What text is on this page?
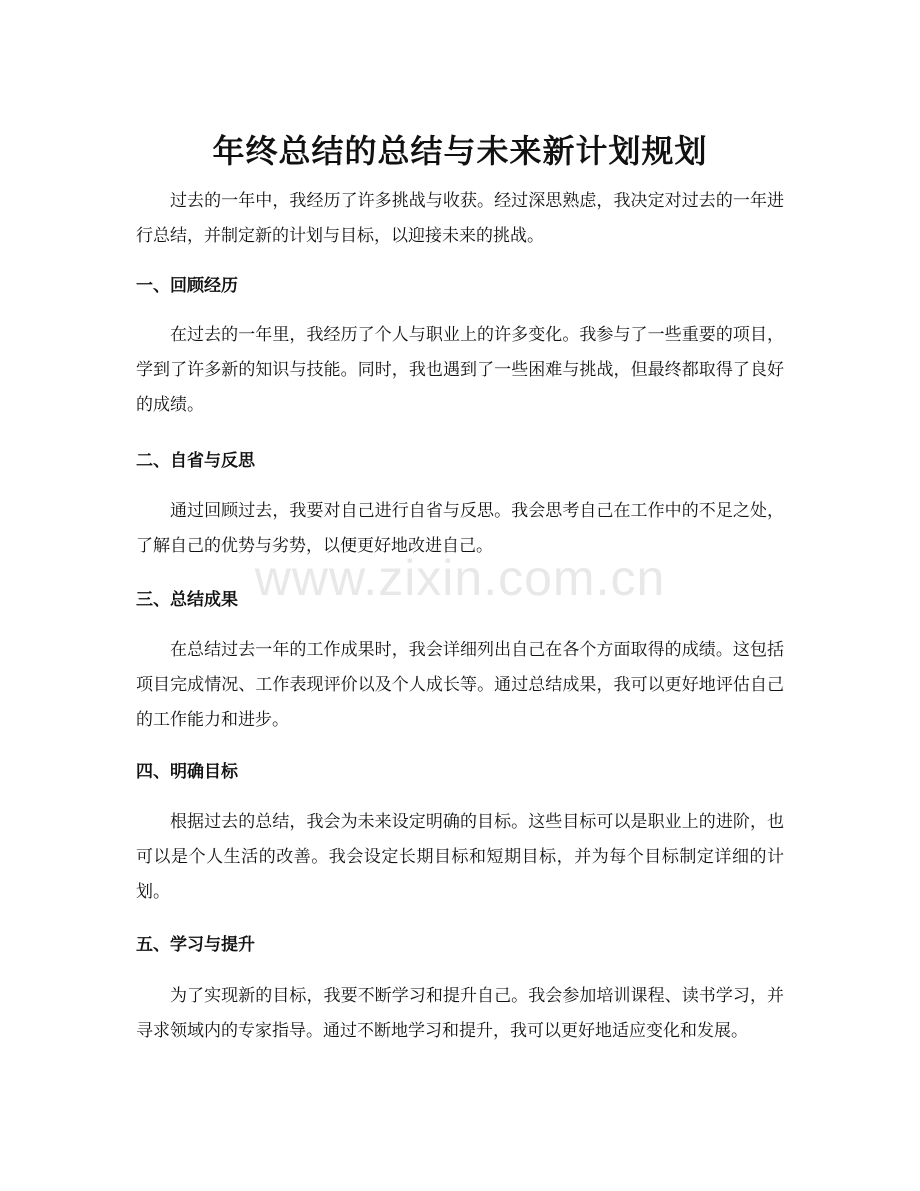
年终总结的总结与未来新计划规划

过去的一年中，我经历了许多挑战与收获。经过深思熟虑，我决定对过去的一年进行总结，并制定新的计划与目标，以迎接未来的挑战。

一、回顾经历

在过去的一年里，我经历了个人与职业上的许多变化。我参与了一些重要的项目，学到了许多新的知识与技能。同时，我也遇到了一些困难与挑战，但最终都取得了良好的成绩。

二、自省与反思

通过回顾过去，我要对自己进行自省与反思。我会思考自己在工作中的不足之处，了解自己的优势与劣势，以便更好地改进自己。

三、总结成果

在总结过去一年的工作成果时，我会详细列出自己在各个方面取得的成绩。这包括项目完成情况、工作表现评价以及个人成长等。通过总结成果，我可以更好地评估自己的工作能力和进步。

四、明确目标

根据过去的总结，我会为未来设定明确的目标。这些目标可以是职业上的进阶，也可以是个人生活的改善。我会设定长期目标和短期目标，并为每个目标制定详细的计划。

五、学习与提升

为了实现新的目标，我要不断学习和提升自己。我会参加培训课程、读书学习，并寻求领域内的专家指导。通过不断地学习和提升，我可以更好地适应变化和发展。

www.zixin.com.cn
